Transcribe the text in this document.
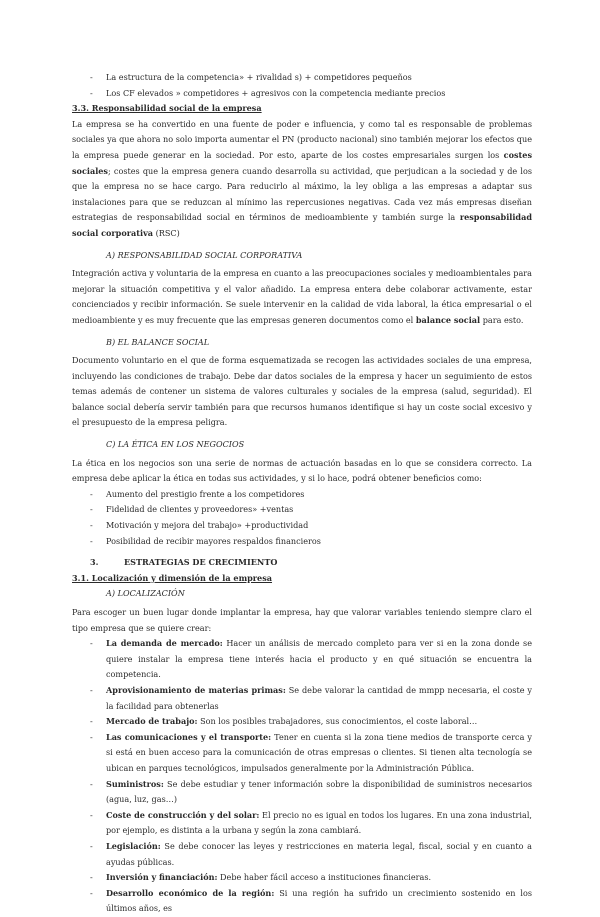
- La estructura de la competencia» + rivalidad s) + competidores pequeños
- Los CF elevados » competidores + agresivos con la competencia mediante precios
3.3. Responsabilidad social de la empresa
La empresa se ha convertido en una fuente de poder e influencia, y como tal es responsable de problemas sociales ya que ahora no solo importa aumentar el PN (producto nacional) sino también mejorar los efectos que la empresa puede generar en la sociedad. Por esto, aparte de los costes empresariales surgen los costes sociales; costes que la empresa genera cuando desarrolla su actividad, que perjudican a la sociedad y de los que la empresa no se hace cargo. Para reducirlo al máximo, la ley obliga a las empresas a adaptar sus instalaciones para que se reduzcan al mínimo las repercusiones negativas. Cada vez más empresas diseñan estrategias de responsabilidad social en términos de medioambiente y también surge la responsabilidad social corporativa (RSC)
A) RESPONSABILIDAD SOCIAL CORPORATIVA
Integración activa y voluntaria de la empresa en cuanto a las preocupaciones sociales y medioambientales para mejorar la situación competitiva y el valor añadido. La empresa entera debe colaborar activamente, estar concienciados y recibir información. Se suele intervenir en la calidad de vida laboral, la ética empresarial o el medioambiente y es muy frecuente que las empresas generen documentos como el balance social para esto.
B) EL BALANCE SOCIAL
Documento voluntario en el que de forma esquematizada se recogen las actividades sociales de una empresa, incluyendo las condiciones de trabajo. Debe dar datos sociales de la empresa y hacer un seguimiento de estos temas además de contener un sistema de valores culturales y sociales de la empresa (salud, seguridad). El balance social debería servir también para que recursos humanos identifique si hay un coste social excesivo y el presupuesto de la empresa peligra.
C) LA ÉTICA EN LOS NEGOCIOS
La ética en los negocios son una serie de normas de actuación basadas en lo que se considera correcto. La empresa debe aplicar la ética en todas sus actividades, y si lo hace, podrá obtener beneficios como:
- Aumento del prestigio frente a los competidores
- Fidelidad de clientes y proveedores» +ventas
- Motivación y mejora del trabajo» +productividad
- Posibilidad de recibir mayores respaldos financieros
3.	ESTRATEGIAS DE CRECIMIENTO
3.1. Localización y dimensión de la empresa
A) LOCALIZACIÓN
Para escoger un buen lugar donde implantar la empresa, hay que valorar variables teniendo siempre claro el tipo empresa que se quiere crear:
- La demanda de mercado: Hacer un análisis de mercado completo para ver si en la zona donde se quiere instalar la empresa tiene interés hacia el producto y en qué situación se encuentra la competencia.
- Aprovisionamiento de materias primas: Se debe valorar la cantidad de mmpp necesaria, el coste y la facilidad para obtenerlas
- Mercado de trabajo: Son los posibles trabajadores, sus conocimientos, el coste laboral…
- Las comunicaciones y el transporte: Tener en cuenta si la zona tiene medios de transporte cerca y si está en buen acceso para la comunicación de otras empresas o clientes. Si tienen alta tecnología se ubican en parques tecnológicos, impulsados generalmente por la Administración Pública.
- Suministros: Se debe estudiar y tener información sobre la disponibilidad de suministros necesarios (agua, luz, gas…)
- Coste de construcción y del solar: El precio no es igual en todos los lugares. En una zona industrial, por ejemplo, es distinta a la urbana y según la zona cambiará.
- Legislación: Se debe conocer las leyes y restricciones en materia legal, fiscal, social y en cuanto a ayudas públicas.
- Inversión y financiación: Debe haber fácil acceso a instituciones financieras.
- Desarrollo económico de la región: Si una región ha sufrido un crecimiento sostenido en los últimos años, es
